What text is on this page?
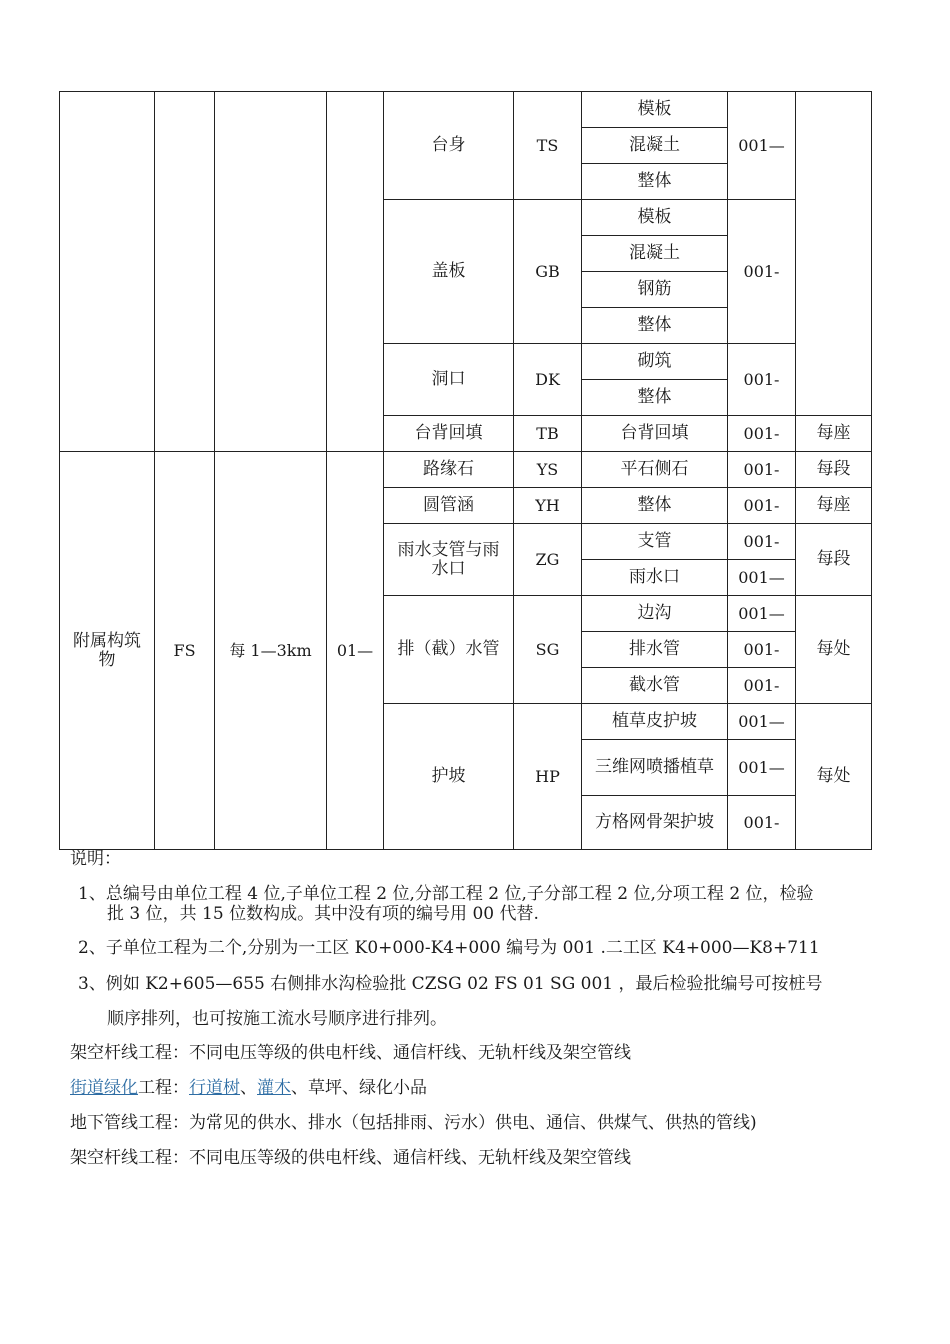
				台身	TS	模板	001—	
						混凝土		
						整体		
				盖板	GB	模板	001-	
						混凝土		
						钢筋		
						整体		
				洞口	DK	砌筑	001-	
						整体		
				台背回填	TB	台背回填	001-	每座
附属构筑物	FS	每 1—3km	01—	路缘石	YS	平石侧石	001-	每段
				圆管涵	YH	整体	001-	每座
				雨水支管与雨水口	ZG	支管	001-	每段
						雨水口	001—	
				排（截）水管	SG	边沟	001—	每处
						排水管	001-	
						截水管	001-	
				护坡	HP	植草皮护坡	001—	每处
						三维网喷播植草	001—	
						方格网骨架护坡	001-	
说明：
1、总编号由单位工程 4 位,子单位工程 2 位,分部工程 2 位,子分部工程 2 位,分项工程 2 位，检验
批 3 位，共 15 位数构成。其中没有项的编号用 00 代替.
2、子单位工程为二个,分别为一工区 K0+000-K4+000 编号为 001 .二工区 K4+000—K8+711
3、例如 K2+605—655 右侧排水沟检验批 CZSG 02 FS 01 SG 001 ，最后检验批编号可按桩号
顺序排列，也可按施工流水号顺序进行排列。
架空杆线工程：不同电压等级的供电杆线、通信杆线、无轨杆线及架空管线
街道绿化工程：行道树、灌木、草坪、绿化小品
地下管线工程：为常见的供水、排水（包括排雨、污水）供电、通信、供煤气、供热的管线)
架空杆线工程：不同电压等级的供电杆线、通信杆线、无轨杆线及架空管线
